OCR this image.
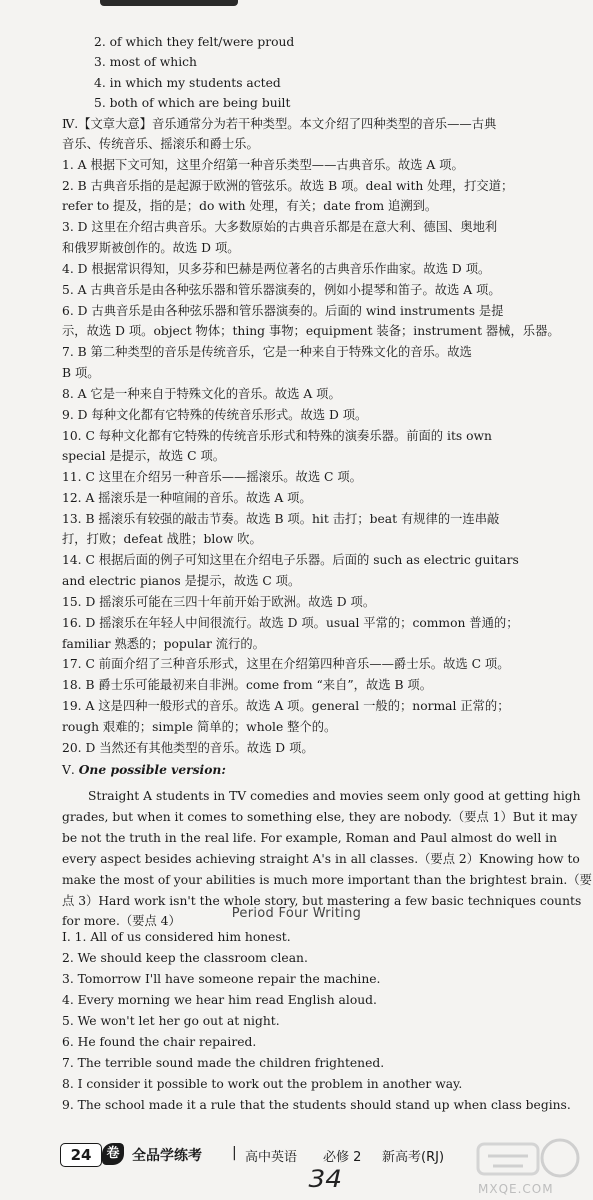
2. of which they felt/were proud
3. most of which
4. in which my students acted
5. both of which are being built
Ⅳ.【文章大意】音乐通常分为若干种类型。本文介绍了四种类型的音乐——古典
音乐、传统音乐、摇滚乐和爵士乐。
1. A 根据下文可知，这里介绍第一种音乐类型——古典音乐。故选 A 项。
2. B 古典音乐指的是起源于欧洲的管弦乐。故选 B 项。deal with 处理，打交道；
refer to 提及，指的是；do with 处理，有关；date from 追溯到。
3. D 这里在介绍古典音乐。大多数原始的古典音乐都是在意大利、德国、奥地利
和俄罗斯被创作的。故选 D 项。
4. D 根据常识得知，贝多芬和巴赫是两位著名的古典音乐作曲家。故选 D 项。
5. A 古典音乐是由各种弦乐器和管乐器演奏的，例如小提琴和笛子。故选 A 项。
6. D 古典音乐是由各种弦乐器和管乐器演奏的。后面的 wind instruments 是提
示，故选 D 项。object 物体；thing 事物；equipment 装备；instrument 器械，乐器。
7. B 第二种类型的音乐是传统音乐，它是一种来自于特殊文化的音乐。故选
B 项。
8. A 它是一种来自于特殊文化的音乐。故选 A 项。
9. D 每种文化都有它特殊的传统音乐形式。故选 D 项。
10. C 每种文化都有它特殊的传统音乐形式和特殊的演奏乐器。前面的 its own
special 是提示，故选 C 项。
11. C 这里在介绍另一种音乐——摇滚乐。故选 C 项。
12. A 摇滚乐是一种喧闹的音乐。故选 A 项。
13. B 摇滚乐有较强的敲击节奏。故选 B 项。hit 击打；beat 有规律的一连串敲
打，打败；defeat 战胜；blow 吹。
14. C 根据后面的例子可知这里在介绍电子乐器。后面的 such as electric guitars
and electric pianos 是提示，故选 C 项。
15. D 摇滚乐可能在三四十年前开始于欧洲。故选 D 项。
16. D 摇滚乐在年轻人中间很流行。故选 D 项。usual 平常的；common 普通的；
familiar 熟悉的；popular 流行的。
17. C 前面介绍了三种音乐形式，这里在介绍第四种音乐——爵士乐。故选 C 项。
18. B 爵士乐可能最初来自非洲。come from “来自”，故选 B 项。
19. A 这是四种一般形式的音乐。故选 A 项。general 一般的；normal 正常的；
rough 艰难的；simple 简单的；whole 整个的。
20. D 当然还有其他类型的音乐。故选 D 项。
Ⅴ. One possible version:
Straight A students in TV comedies and movies seem only good at getting high
grades, but when it comes to something else, they are nobody.（要点 1）But it may
be not the truth in the real life. For example, Roman and Paul almost do well in
every aspect besides achieving straight A's in all classes.（要点 2）Knowing how to
make the most of your abilities is much more important than the brightest brain.（要
点 3）Hard work isn't the whole story, but mastering a few basic techniques counts
for more.（要点 4）	Period Four Writing
Ⅰ. 1. All of us considered him honest.
2. We should keep the classroom clean.
3. Tomorrow I'll have someone repair the machine.
4. Every morning we hear him read English aloud.
5. We won't let her go out at night.
6. He found the chair repaired.
7. The terrible sound made the children frightened.
8. I consider it possible to work out the problem in another way.
9. The school made it a rule that the students should stand up when class begins.
24	卷 全品学练考 | 高中英语 必修 2 新高考(RJ)
34	MXQE.COM
